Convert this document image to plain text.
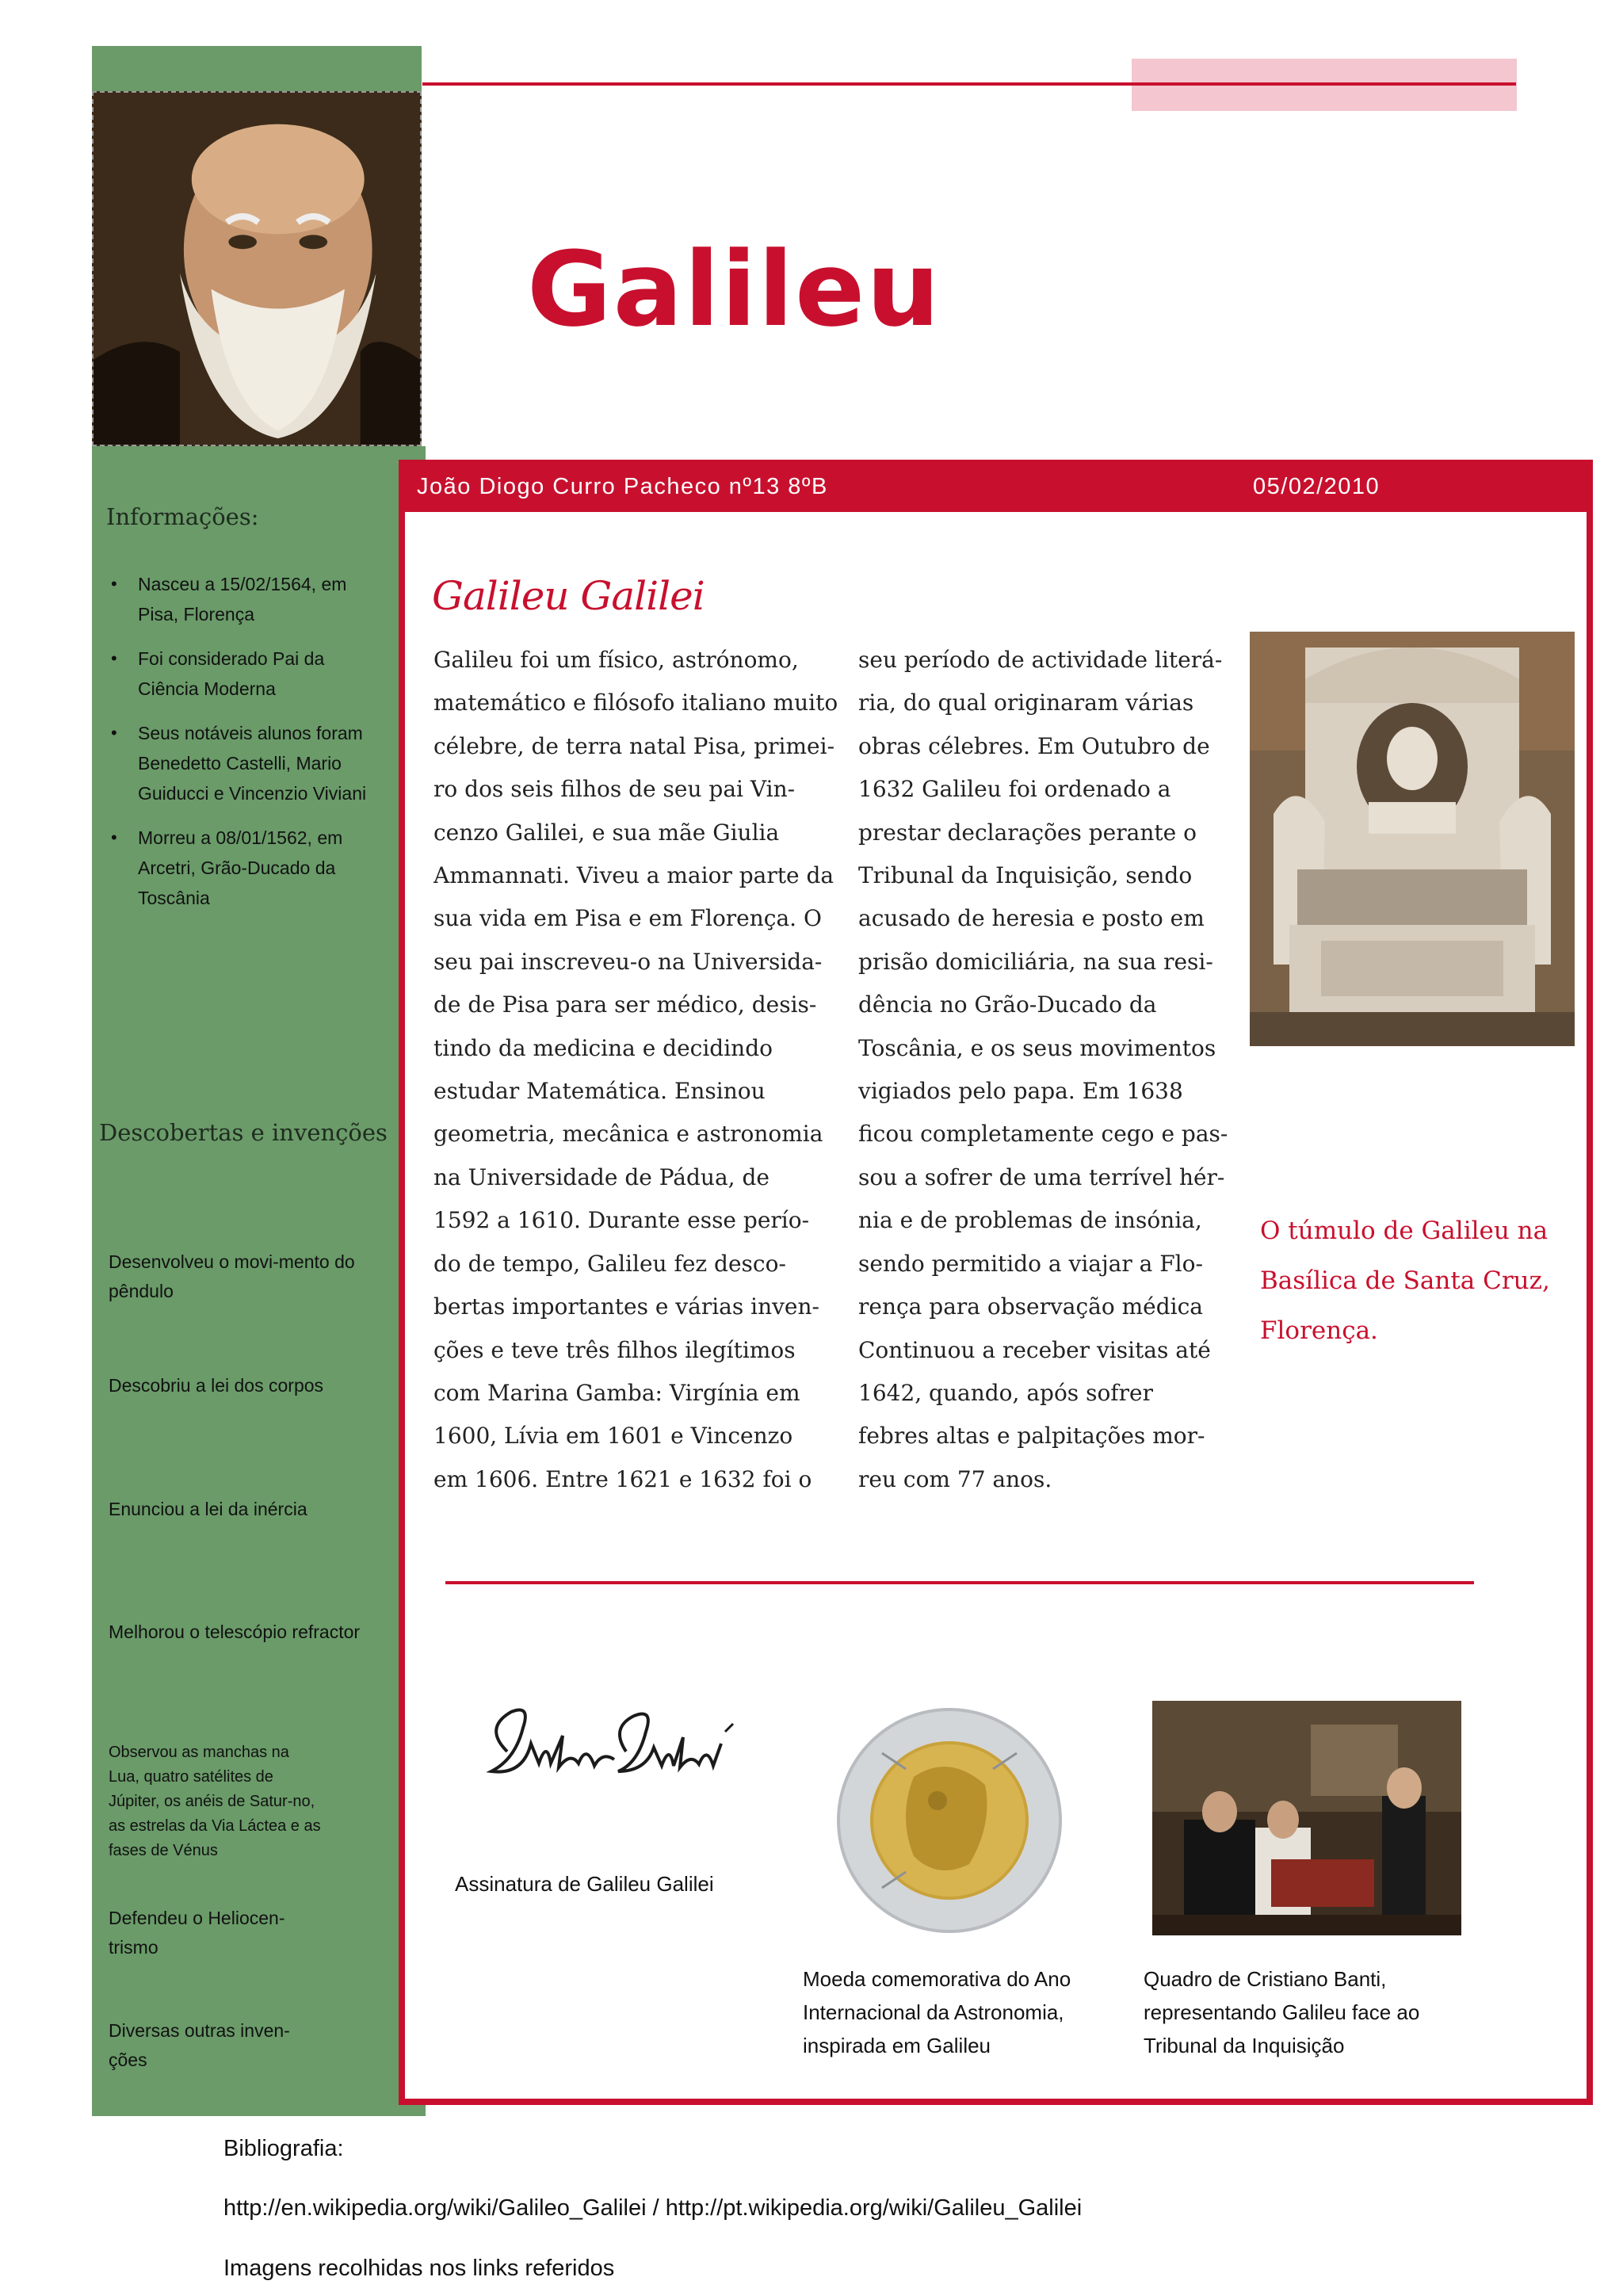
Galileu
João Diogo Curro Pacheco nº13 8ºB	05/02/2010
Informações:
• Nasceu a 15/02/1564, em Pisa, Florença
• Foi considerado Pai da Ciência Moderna
• Seus notáveis alunos foram Benedetto Castelli, Mario Guiducci e Vincenzio Viviani
• Morreu a 08/01/1562, em Arcetri, Grão-Ducado da Toscânia
Descobertas e invenções
Desenvolveu o movi-mento do pêndulo
Descobriu a lei dos corpos
Enunciou a lei da inércia
Melhorou o telescópio refractor
Observou as manchas na Lua, quatro satélites de Júpiter, os anéis de Satur-no, as estrelas da Via Láctea e as fases de Vénus
Defendeu o Heliocen-trismo
Diversas outras inven-ções
Galileu Galilei
Galileu foi um físico, astrónomo,
matemático e filósofo italiano muito
célebre, de terra natal Pisa, primei-
ro dos seis filhos de seu pai Vin-
cenzo Galilei, e sua mãe Giulia
Ammannati. Viveu a maior parte da
sua vida em Pisa e em Florença. O
seu pai inscreveu-o na Universida-
de de Pisa para ser médico, desis-
tindo da medicina e decidindo
estudar Matemática. Ensinou
geometria, mecânica e astronomia
na Universidade de Pádua, de
1592 a 1610. Durante esse perío-
do de tempo, Galileu fez desco-
bertas importantes e várias inven-
ções e teve três filhos ilegítimos
com Marina Gamba: Virgínia em
1600, Lívia em 1601 e Vincenzo
em 1606. Entre 1621 e 1632 foi o
seu período de actividade literá-
ria, do qual originaram várias
obras célebres. Em Outubro de
1632 Galileu foi ordenado a
prestar declarações perante o
Tribunal da Inquisição, sendo
acusado de heresia e posto em
prisão domiciliária, na sua resi-
dência no Grão-Ducado da
Toscânia, e os seus movimentos
vigiados pelo papa. Em 1638
ficou completamente cego e pas-
sou a sofrer de uma terrível hér-
nia e de problemas de insónia,
sendo permitido a viajar a Flo-
rença para observação médica
Continuou a receber visitas até
1642, quando, após sofrer
febres altas e palpitações mor-
reu com 77 anos.
O túmulo de Galileu na Basílica de Santa Cruz, Florença.
Assinatura de Galileu Galilei
Moeda comemorativa do Ano Internacional da Astronomia, inspirada em Galileu
Quadro de Cristiano Banti, representando Galileu face ao Tribunal da Inquisição
Bibliografia:
http://en.wikipedia.org/wiki/Galileo_Galilei / http://pt.wikipedia.org/wiki/Galileu_Galilei
Imagens recolhidas nos links referidos
